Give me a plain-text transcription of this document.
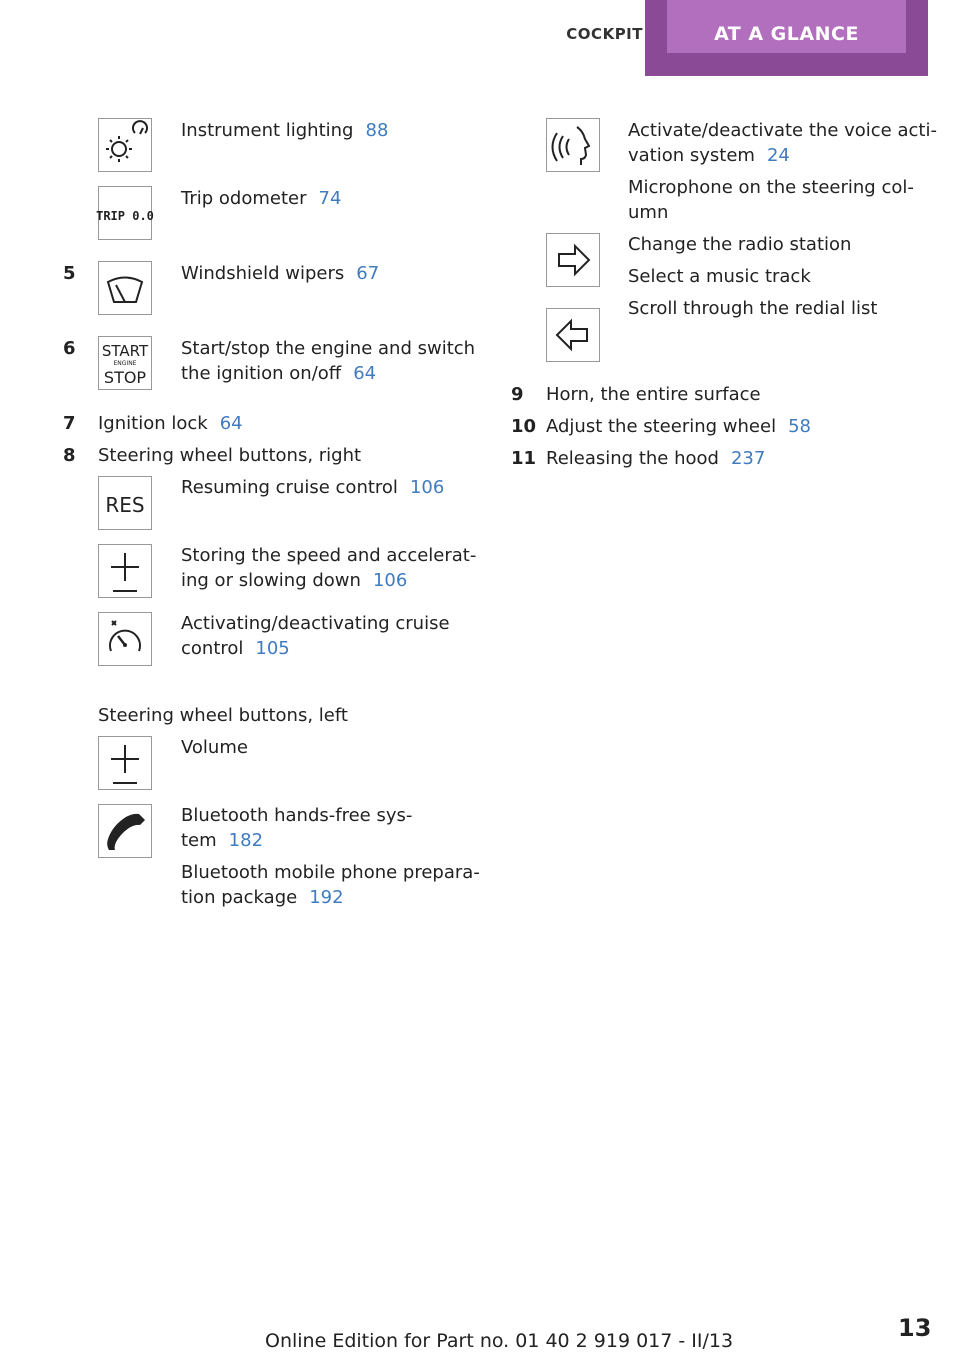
COCKPIT	AT A GLANCE
Instrument lighting 88
TRIP 0.0
Trip odometer 74
5	Windshield wipers 67
6 START
ENGINE
STOP
Start/stop the engine and switch
the ignition on/off 64
7 Ignition lock 64
8 Steering wheel buttons, right
RES
Resuming cruise control 106
Storing the speed and accelerat-
ing or slowing down 106
Activating/deactivating cruise
control 105
Steering wheel buttons, left
Volume
Bluetooth hands-free sys-
tem 182
Bluetooth mobile phone prepara-
tion package 192
Activate/deactivate the voice acti-
vation system 24
Microphone on the steering col-
umn
Change the radio station
Select a music track
Scroll through the redial list
9 Horn, the entire surface
10 Adjust the steering wheel 58
11 Releasing the hood 237
Online Edition for Part no. 01 40 2 919 017 - II/13	13
